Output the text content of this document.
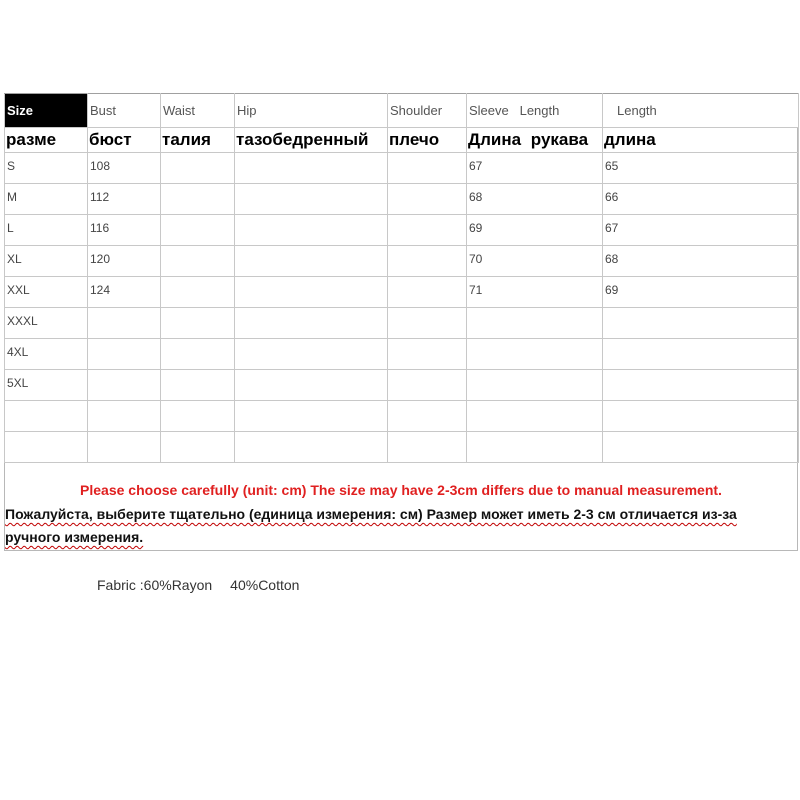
Size	Bust	Waist	Hip	Shoulder	Sleeve   Length	Length
разме	бюст	талия	тазобедренный	плечо	Длина рукава	длина
S	108				67	65
M	112				68	66
L	116				69	67
XL	120				70	68
XXL	124				71	69
XXXL						
4XL						
5XL						

Please choose carefully (unit: cm) The size may have 2-3cm differs due to manual measurement.
Пожалуйста, выберите тщательно (единица измерения: см) Размер может иметь 2-3 см отличается из-за ручного измерения.
Fabric :60%Rayon 40%Cotton
